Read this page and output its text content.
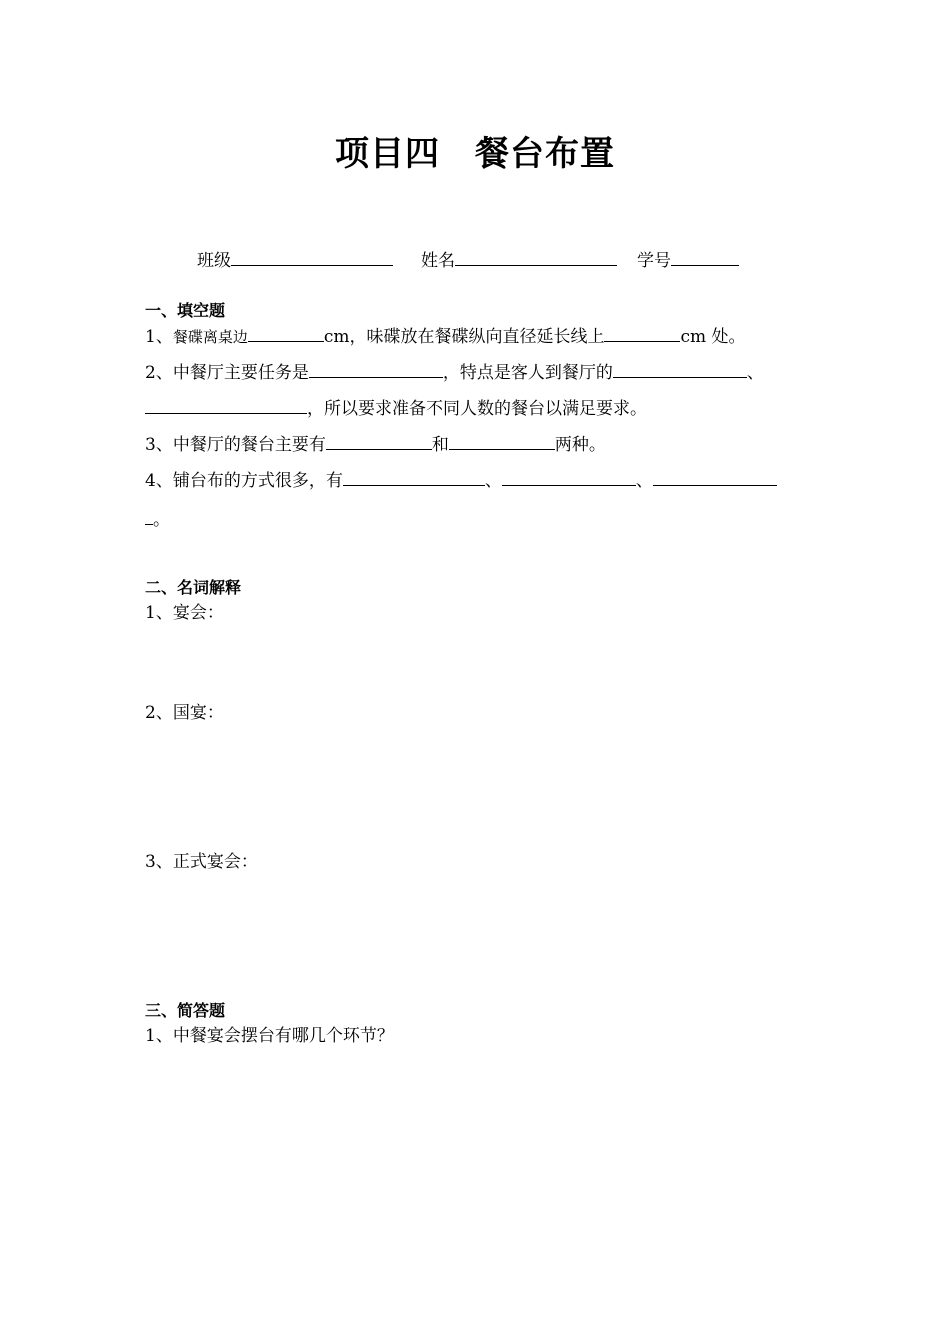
项目四　餐台布置
班级	姓名	学号
一、填空题
1、餐碟离桌边	cm，味碟放在餐碟纵向直径延长线上	cm 处。
2、中餐厅主要任务是	，特点是客人到餐厅的	、
，所以要求准备不同人数的餐台以满足要求。
3、中餐厅的餐台主要有	和	两种。
4、铺台布的方式很多，有	、	、
。
二、名词解释
1、宴会：
2、国宴：
3、正式宴会：
三、简答题
1、中餐宴会摆台有哪几个环节？
